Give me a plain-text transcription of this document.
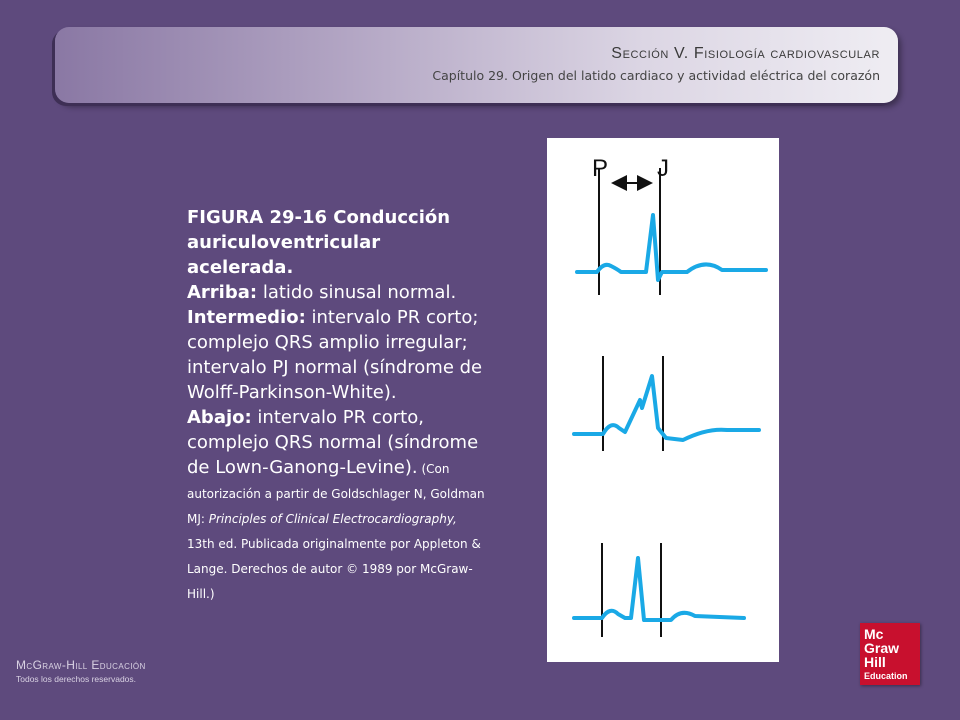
Sección V. Fisiología cardiovascular
Capítulo 29. Origen del latido cardiaco y actividad eléctrica del corazón
FIGURA 29-16 Conducción auriculoventricular acelerada.
Arriba: latido sinusal normal.
Intermedio: intervalo PR corto; complejo QRS amplio irregular; intervalo PJ normal (síndrome de Wolff-Parkinson-White).
Abajo: intervalo PR corto, complejo QRS normal (síndrome de Lown-Ganong-Levine). (Con autorización a partir de Goldschlager N, Goldman MJ: Principles of Clinical Electrocardiography, 13th ed. Publicada originalmente por Appleton & Lange. Derechos de autor © 1989 por McGraw-Hill.)
P J
McGraw-Hill Educación
Todos los derechos reservados.
Mc
Graw
Hill
Education
